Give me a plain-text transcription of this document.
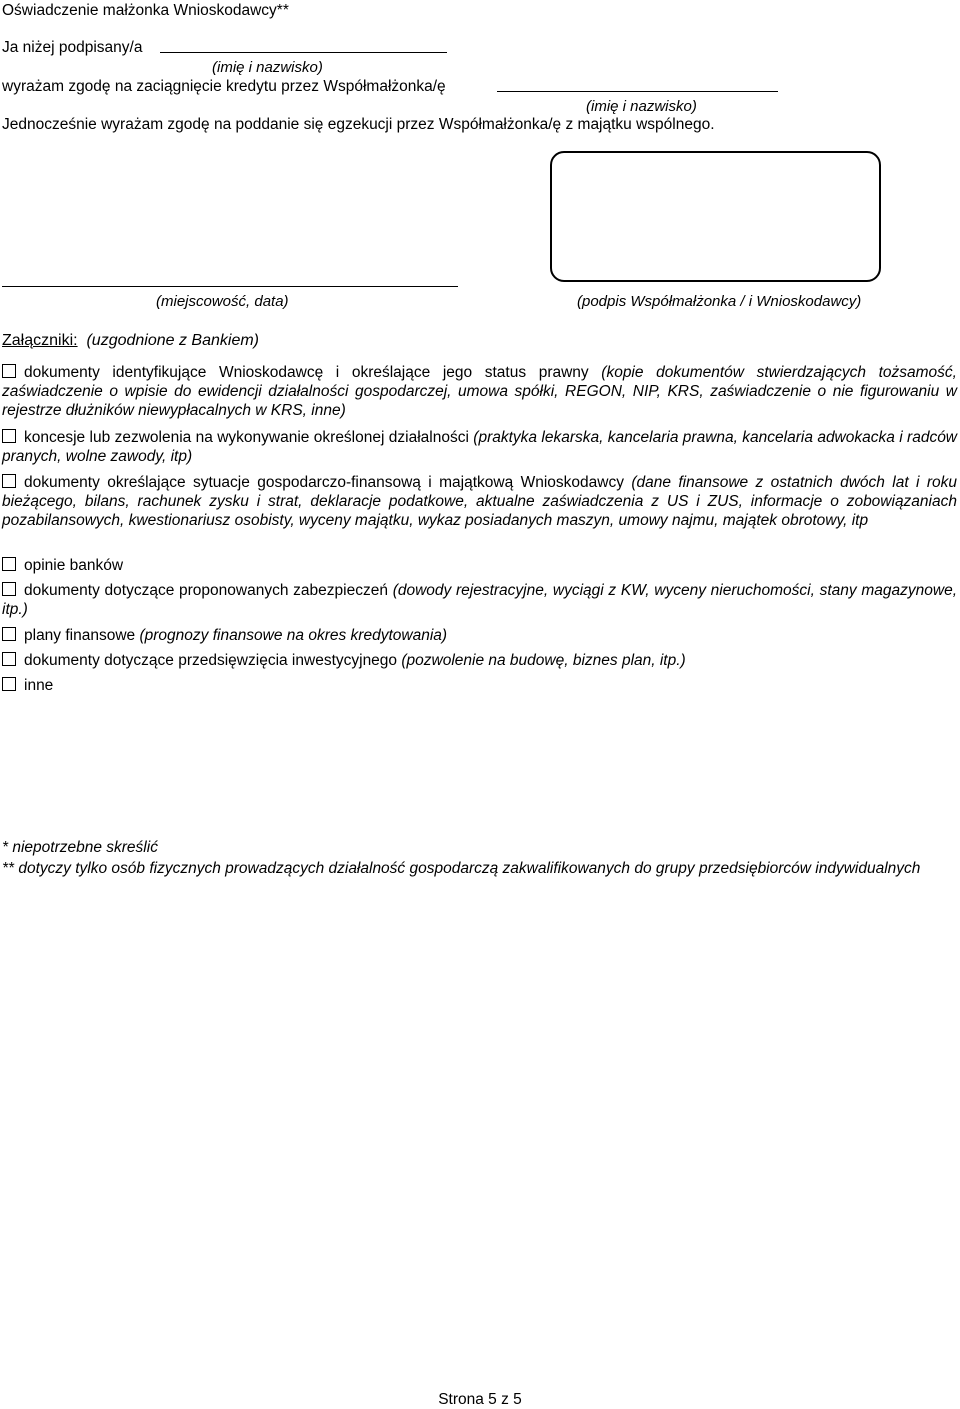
Oświadczenie małżonka Wnioskodawcy**
Ja niżej podpisany/a
(imię i nazwisko)
wyrażam zgodę na zaciągnięcie kredytu przez Współmałżonka/ę
(imię i nazwisko)
Jednocześnie wyrażam zgodę na poddanie się egzekucji przez Współmałżonka/ę z majątku wspólnego.
(miejscowość, data)	(podpis Współmałżonka / i Wnioskodawcy)
Załączniki: (uzgodnione z Bankiem)
dokumenty identyfikujące Wnioskodawcę i określające jego status prawny (kopie dokumentów stwierdzających tożsamość, zaświadczenie o wpisie do ewidencji działalności gospodarczej, umowa spółki, REGON, NIP, KRS, zaświadczenie o nie figurowaniu w rejestrze dłużników niewypłacalnych w KRS, inne)
koncesje lub zezwolenia na wykonywanie określonej działalności (praktyka lekarska, kancelaria prawna, kancelaria adwokacka i radców pranych, wolne zawody, itp)
dokumenty określające sytuacje gospodarczo-finansową i majątkową Wnioskodawcy (dane finansowe z ostatnich dwóch lat i roku bieżącego, bilans, rachunek zysku i strat, deklaracje podatkowe, aktualne zaświadczenia z US i ZUS, informacje o zobowiązaniach pozabilansowych, kwestionariusz osobisty, wyceny majątku, wykaz posiadanych maszyn, umowy najmu, majątek obrotowy, itp
opinie banków
dokumenty dotyczące proponowanych zabezpieczeń (dowody rejestracyjne, wyciągi z KW, wyceny nieruchomości, stany magazynowe, itp.)
plany finansowe (prognozy finansowe na okres kredytowania)
dokumenty dotyczące przedsięwzięcia inwestycyjnego (pozwolenie na budowę, biznes plan, itp.)
inne
* niepotrzebne skreślić
** dotyczy tylko osób fizycznych prowadzących działalność gospodarczą zakwalifikowanych do grupy przedsiębiorców indywidualnych
Strona 5 z 5
